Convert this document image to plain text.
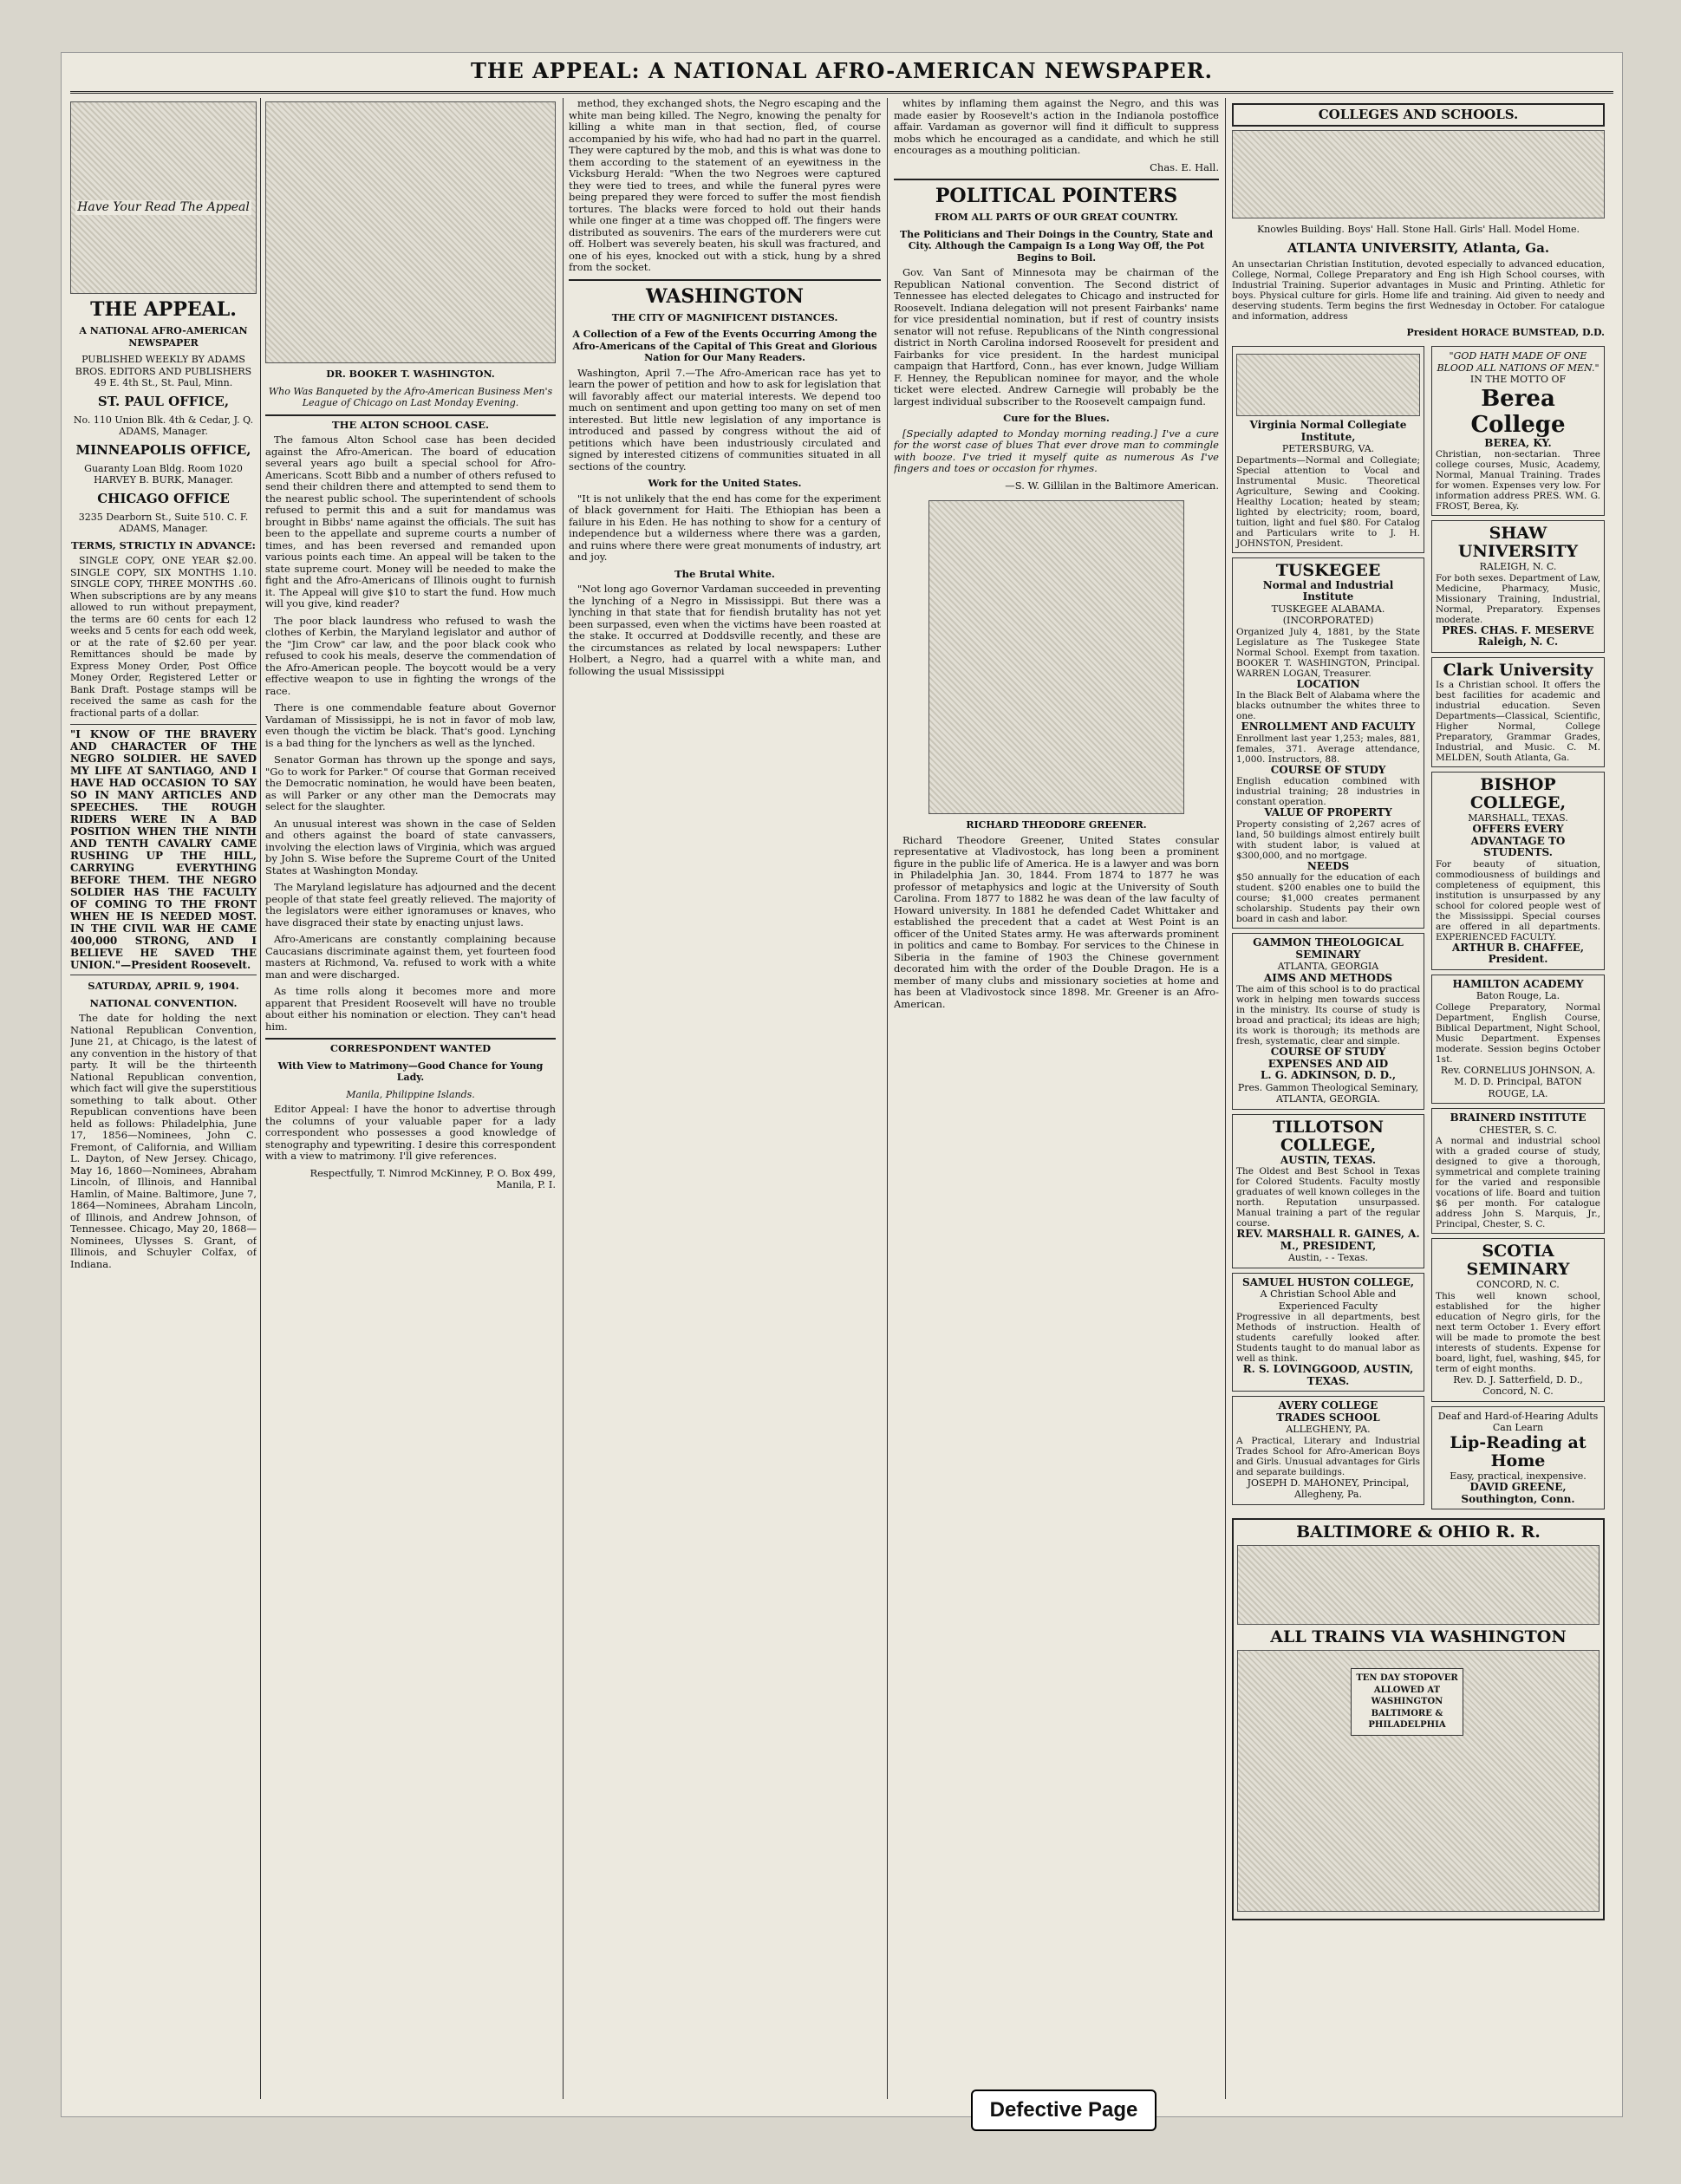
THE APPEAL: A NATIONAL AFRO-AMERICAN NEWSPAPER.
Have Your Read The Appeal
THE APPEAL.
A NATIONAL AFRO-AMERICAN NEWSPAPER
PUBLISHED WEEKLY BY ADAMS BROS. EDITORS AND PUBLISHERS 49 E. 4th St., St. Paul, Minn.
ST. PAUL OFFICE,
No. 110 Union Blk. 4th & Cedar, J. Q. ADAMS, Manager.
MINNEAPOLIS OFFICE,
Guaranty Loan Bldg. Room 1020 HARVEY B. BURK, Manager.
CHICAGO OFFICE
3235 Dearborn St., Suite 510. C. F. ADAMS, Manager.
TERMS, STRICTLY IN ADVANCE:

SINGLE COPY, ONE YEAR $2.00. SINGLE COPY, SIX MONTHS 1.10. SINGLE COPY, THREE MONTHS .60. When subscriptions are by any means allowed to run without prepayment, the terms are 60 cents for each 12 weeks and 5 cents for each odd week, or at the rate of $2.60 per year. Remittances should be made by Express Money Order, Post Office Money Order, Registered Letter or Bank Draft. Postage stamps will be received the same as cash for the fractional parts of a dollar.

"I KNOW OF THE BRAVERY AND CHARACTER OF THE NEGRO SOLDIER. HE SAVED MY LIFE AT SANTIAGO, AND I HAVE HAD OCCASION TO SAY SO IN MANY ARTICLES AND SPEECHES. THE ROUGH RIDERS WERE IN A BAD POSITION WHEN THE NINTH AND TENTH CAVALRY CAME RUSHING UP THE HILL, CARRYING EVERYTHING BEFORE THEM. THE NEGRO SOLDIER HAS THE FACULTY OF COMING TO THE FRONT WHEN HE IS NEEDED MOST. IN THE CIVIL WAR HE CAME 400,000 STRONG, AND I BELIEVE HE SAVED THE UNION."—President Roosevelt.
SATURDAY, APRIL 9, 1904.
NATIONAL CONVENTION.

The date for holding the next National Republican Convention, June 21, at Chicago, is the latest of any convention in the history of that party. It will be the thirteenth National Republican convention, which fact will give the superstitious something to talk about. Other Republican conventions have been held as follows: Philadelphia, June 17, 1856—Nominees, John C. Fremont, of California, and William L. Dayton, of New Jersey. Chicago, May 16, 1860—Nominees, Abraham Lincoln, of Illinois, and Hannibal Hamlin, of Maine. Baltimore, June 7, 1864—Nominees, Abraham Lincoln, of Illinois, and Andrew Johnson, of Tennessee. Chicago, May 20, 1868—Nominees, Ulysses S. Grant, of Illinois, and Schuyler Colfax, of Indiana.

DR. BOOKER T. WASHINGTON.
Who Was Banqueted by the Afro-American Business Men's League of Chicago on Last Monday Evening.
THE ALTON SCHOOL CASE.

The famous Alton School case has been decided against the Afro-American. The board of education several years ago built a special school for Afro-Americans. Scott Bibb and a number of others refused to send their children there and attempted to send them to the nearest public school. The superintendent of schools refused to permit this and a suit for mandamus was brought in Bibbs' name against the officials. The suit has been to the appellate and supreme courts a number of times, and has been reversed and remanded upon various points each time. An appeal will be taken to the state supreme court. Money will be needed to make the fight and the Afro-Americans of Illinois ought to furnish it. The Appeal will give $10 to start the fund. How much will you give, kind reader?

The poor black laundress who refused to wash the clothes of Kerbin, the Maryland legislator and author of the "Jim Crow" car law, and the poor black cook who refused to cook his meals, deserve the commendation of the Afro-American people. The boycott would be a very effective weapon to use in fighting the wrongs of the race.

There is one commendable feature about Governor Vardaman of Mississippi, he is not in favor of mob law, even though the victim be black. That's good. Lynching is a bad thing for the lynchers as well as the lynched.

Senator Gorman has thrown up the sponge and says, "Go to work for Parker." Of course that Gorman received the Democratic nomination, he would have been beaten, as will Parker or any other man the Democrats may select for the slaughter.

An unusual interest was shown in the case of Selden and others against the board of state canvassers, involving the election laws of Virginia, which was argued by John S. Wise before the Supreme Court of the United States at Washington Monday.

The Maryland legislature has adjourned and the decent people of that state feel greatly relieved. The majority of the legislators were either ignoramuses or knaves, who have disgraced their state by enacting unjust laws.

Afro-Americans are constantly complaining because Caucasians discriminate against them, yet fourteen food masters at Richmond, Va. refused to work with a white man and were discharged.

As time rolls along it becomes more and more apparent that President Roosevelt will have no trouble about either his nomination or election. They can't head him.

CORRESPONDENT WANTED
With View to Matrimony—Good Chance for Young Lady.
Manila, Philippine Islands.

Editor Appeal: I have the honor to advertise through the columns of your valuable paper for a lady correspondent who possesses a good knowledge of stenography and typewriting. I desire this correspondent with a view to matrimony. I'll give references.

Respectfully, T. Nimrod McKinney, P. O. Box 499, Manila, P. I.

method, they exchanged shots, the Negro escaping and the white man being killed. The Negro, knowing the penalty for killing a white man in that section, fled, of course accompanied by his wife, who had had no part in the quarrel. They were captured by the mob, and this is what was done to them according to the statement of an eyewitness in the Vicksburg Herald: "When the two Negroes were captured they were tied to trees, and while the funeral pyres were being prepared they were forced to suffer the most fiendish tortures. The blacks were forced to hold out their hands while one finger at a time was chopped off. The fingers were distributed as souvenirs. The ears of the murderers were cut off. Holbert was severely beaten, his skull was fractured, and one of his eyes, knocked out with a stick, hung by a shred from the socket.

WASHINGTON
THE CITY OF MAGNIFICENT DISTANCES.
A Collection of a Few of the Events Occurring Among the Afro-Americans of the Capital of This Great and Glorious Nation for Our Many Readers.

Washington, April 7.—The Afro-American race has yet to learn the power of petition and how to ask for legislation that will favorably affect our material interests. We depend too much on sentiment and upon getting too many on set of men interested. But little new legislation of any importance is introduced and passed by congress without the aid of petitions which have been industriously circulated and signed by interested citizens of communities situated in all sections of the country.

Work for the United States.

"It is not unlikely that the end has come for the experiment of black government for Haiti. The Ethiopian has been a failure in his Eden. He has nothing to show for a century of independence but a wilderness where there was a garden, and ruins where there were great monuments of industry, art and joy.

The Brutal White.

"Not long ago Governor Vardaman succeeded in preventing the lynching of a Negro in Mississippi. But there was a lynching in that state that for fiendish brutality has not yet been surpassed, even when the victims have been roasted at the stake. It occurred at Doddsville recently, and these are the circumstances as related by local newspapers: Luther Holbert, a Negro, had a quarrel with a white man, and following the usual Mississippi

whites by inflaming them against the Negro, and this was made easier by Roosevelt's action in the Indianola postoffice affair. Vardaman as governor will find it difficult to suppress mobs which he encouraged as a candidate, and which he still encourages as a mouthing politician.

Chas. E. Hall.

POLITICAL POINTERS
FROM ALL PARTS OF OUR GREAT COUNTRY.
The Politicians and Their Doings in the Country, State and City. Although the Campaign Is a Long Way Off, the Pot Begins to Boil.

Gov. Van Sant of Minnesota may be chairman of the Republican National convention. The Second district of Tennessee has elected delegates to Chicago and instructed for Roosevelt. Indiana delegation will not present Fairbanks' name for vice presidential nomination, but if rest of country insists senator will not refuse. Republicans of the Ninth congressional district in North Carolina indorsed Roosevelt for president and Fairbanks for vice president. In the hardest municipal campaign that Hartford, Conn., has ever known, Judge William F. Henney, the Republican nominee for mayor, and the whole ticket were elected. Andrew Carnegie will probably be the largest individual subscriber to the Roosevelt campaign fund.

Cure for the Blues.

[Specially adapted to Monday morning reading.] I've a cure for the worst case of blues That ever drove man to commingle with booze. I've tried it myself quite as numerous As I've fingers and toes or occasion for rhymes.

—S. W. Gillilan in the Baltimore American.

RICHARD THEODORE GREENER.

Richard Theodore Greener, United States consular representative at Vladivostock, has long been a prominent figure in the public life of America. He is a lawyer and was born in Philadelphia Jan. 30, 1844. From 1874 to 1877 he was professor of metaphysics and logic at the University of South Carolina. From 1877 to 1882 he was dean of the law faculty of Howard university. In 1881 he defended Cadet Whittaker and established the precedent that a cadet at West Point is an officer of the United States army. He was afterwards prominent in politics and came to Bombay. For services to the Chinese in Siberia in the famine of 1903 the Chinese government decorated him with the order of the Double Dragon. He is a member of many clubs and missionary societies at home and has been at Vladivostock since 1898. Mr. Greener is an Afro-American.

COLLEGES AND SCHOOLS.
Knowles Building. Boys' Hall. Stone Hall. Girls' Hall. Model Home.
ATLANTA UNIVERSITY, Atlanta, Ga.
An unsectarian Christian Institution, devoted especially to advanced education, College, Normal, College Preparatory and Eng ish High School courses, with Industrial Training. Superior advantages in Music and Printing. Athletic for boys. Physical culture for girls. Home life and training. Aid given to needy and deserving students. Term begins the first Wednesday in October. For catalogue and information, address
President HORACE BUMSTEAD, D.D.
Virginia Normal Collegiate Institute,
PETERSBURG, VA.
Departments—Normal and Collegiate; Special attention to Vocal and Instrumental Music. Theoretical Agriculture, Sewing and Cooking. Healthy Location; heated by steam; lighted by electricity; room, board, tuition, light and fuel $80. For Catalog and Particulars write to J. H. JOHNSTON, President.
TUSKEGEE
Normal and Industrial Institute
TUSKEGEE ALABAMA.
(INCORPORATED)
Organized July 4, 1881, by the State Legislature as The Tuskegee State Normal School. Exempt from taxation. BOOKER T. WASHINGTON, Principal. WARREN LOGAN, Treasurer.
LOCATION
In the Black Belt of Alabama where the blacks outnumber the whites three to one.
ENROLLMENT AND FACULTY
Enrollment last year 1,253; males, 881, females, 371. Average attendance, 1,000. Instructors, 88.
COURSE OF STUDY
English education combined with industrial training; 28 industries in constant operation.
VALUE OF PROPERTY
Property consisting of 2,267 acres of land, 50 buildings almost entirely built with student labor, is valued at $300,000, and no mortgage.
NEEDS
$50 annually for the education of each student. $200 enables one to build the course; $1,000 creates permanent scholarship. Students pay their own board in cash and labor.
GAMMON THEOLOGICAL SEMINARY
ATLANTA, GEORGIA
AIMS AND METHODS
The aim of this school is to do practical work in helping men towards success in the ministry. Its course of study is broad and practical; its ideas are high; its work is thorough; its methods are fresh, systematic, clear and simple.
COURSE OF STUDY
EXPENSES AND AID
L. G. ADKINSON, D. D.,
Pres. Gammon Theological Seminary, ATLANTA, GEORGIA.
TILLOTSON COLLEGE,
AUSTIN, TEXAS.
The Oldest and Best School in Texas for Colored Students. Faculty mostly graduates of well known colleges in the north. Reputation unsurpassed. Manual training a part of the regular course.
REV. MARSHALL R. GAINES, A. M., PRESIDENT,
Austin, - - Texas.
SAMUEL HUSTON COLLEGE,
A Christian School Able and Experienced Faculty
Progressive in all departments, best Methods of instruction. Health of students carefully looked after. Students taught to do manual labor as well as think.
R. S. LOVINGGOOD, AUSTIN, TEXAS.
AVERY COLLEGE
TRADES SCHOOL
ALLEGHENY, PA.
A Practical, Literary and Industrial Trades School for Afro-American Boys and Girls. Unusual advantages for Girls and separate buildings.
JOSEPH D. MAHONEY, Principal, Allegheny, Pa.
"GOD HATH MADE OF ONE BLOOD ALL NATIONS OF MEN."
IN THE MOTTO OF
Berea College
BEREA, KY.
Christian, non-sectarian. Three college courses, Music, Academy, Normal, Manual Training. Trades for women. Expenses very low. For information address PRES. WM. G. FROST, Berea, Ky.
SHAW UNIVERSITY
RALEIGH, N. C.
For both sexes. Department of Law, Medicine, Pharmacy, Music, Missionary Training, Industrial, Normal, Preparatory. Expenses moderate.
PRES. CHAS. F. MESERVE Raleigh, N. C.
Clark University
Is a Christian school. It offers the best facilities for academic and industrial education. Seven Departments—Classical, Scientific, Higher Normal, College Preparatory, Grammar Grades, Industrial, and Music. C. M. MELDEN, South Atlanta, Ga.
BISHOP COLLEGE,
MARSHALL, TEXAS.
OFFERS EVERY ADVANTAGE TO STUDENTS.
For beauty of situation, commodiousness of buildings and completeness of equipment, this institution is unsurpassed by any school for colored people west of the Mississippi. Special courses are offered in all departments. EXPERIENCED FACULTY.
ARTHUR B. CHAFFEE, President.
HAMILTON ACADEMY
Baton Rouge, La.
College Preparatory, Normal Department, English Course, Biblical Department, Night School, Music Department. Expenses moderate. Session begins October 1st.
Rev. CORNELIUS JOHNSON, A. M. D. D. Principal, BATON ROUGE, LA.
BRAINERD INSTITUTE
CHESTER, S. C.
A normal and industrial school with a graded course of study, designed to give a thorough, symmetrical and complete training for the varied and responsible vocations of life. Board and tuition $6 per month. For catalogue address John S. Marquis, Jr., Principal, Chester, S. C.
SCOTIA SEMINARY
CONCORD, N. C.
This well known school, established for the higher education of Negro girls, for the next term October 1. Every effort will be made to promote the best interests of students. Expense for board, light, fuel, washing, $45, for term of eight months.
Rev. D. J. Satterfield, D. D., Concord, N. C.
Deaf and Hard-of-Hearing Adults Can Learn
Lip-Reading at Home
Easy, practical, inexpensive.
DAVID GREENE, Southington, Conn.
BALTIMORE & OHIO R. R.
ALL TRAINS VIA WASHINGTON
TEN DAY STOPOVER ALLOWED AT WASHINGTON BALTIMORE & PHILADELPHIA
Defective Page
